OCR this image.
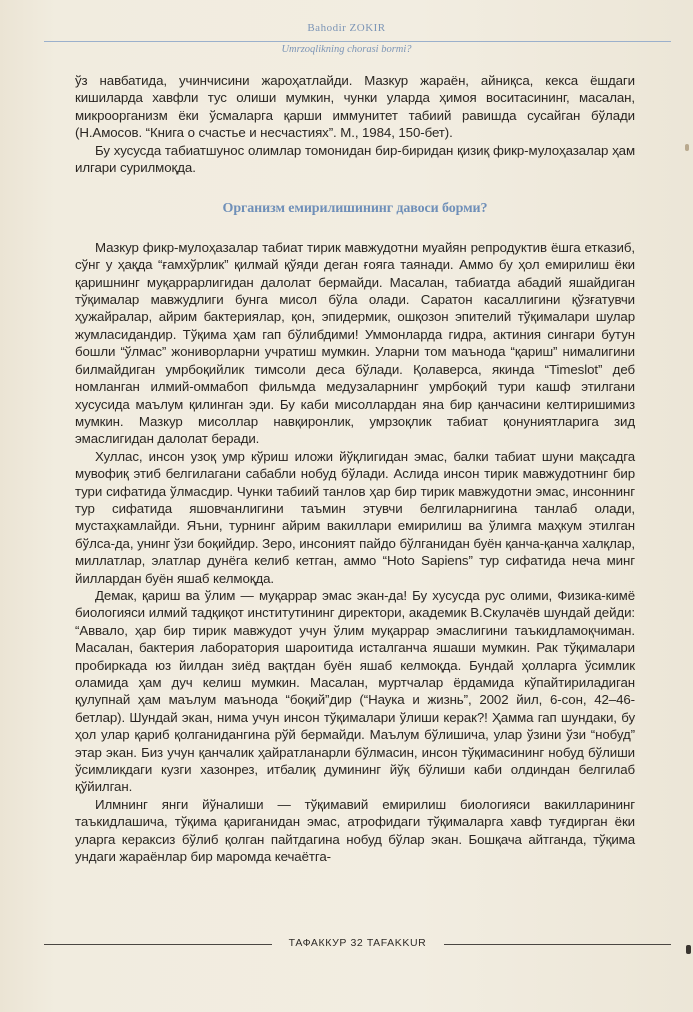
Bahodir ZOKIR
Umrzoqlikning chorasi bormi?

ўз навбатида, учинчисини жароҳатлайди. Мазкур жараён, айниқса, кекса ёшдаги кишиларда хавфли тус олиши мумкин, чунки уларда ҳимоя воситасининг, масалан, микроорганизм ёки ўсмаларга қарши иммунитет табиий равишда сусайган бўлади (Н.Амосов. “Книга о счастье и несчастиях”. М., 1984, 150-бет).

Бу хусусда табиатшунос олимлар томонидан бир-биридан қизиқ фикр-мулоҳазалар ҳам илгари сурилмоқда.

Организм емирилишининг давоси борми?

Мазкур фикр-мулоҳазалар табиат тирик мавжудотни муайян репродуктив ёшга етказиб, сўнг у ҳақда “ғамхўрлик” қилмай қўяди деган ғояга таянади. Аммо бу ҳол емирилиш ёки қаришнинг муқаррарлигидан далолат бермайди. Масалан, табиатда абадий яшайдиган тўқималар мавжудлиги бунга мисол бўла олади. Саратон касаллигини қўзғатувчи ҳужайралар, айрим бактериялар, қон, эпидермик, ошқозон эпителий тўқималари шулар жумласидандир. Тўқима ҳам гап бўлибдими! Уммонларда гидра, актиния сингари бутун бошли “ўлмас” жониворларни учратиш мумкин. Уларни том маънода “қариш” нималигини билмайдиган умрбоқийлик тимсоли деса бўлади. Қолаверса, якинда “Timeslot” деб номланган илмий-оммабоп фильмда медузаларнинг умрбоқий тури кашф этилгани хусусида маълум қилинган эди. Бу каби мисоллардан яна бир қанчасини келтиришимиз мумкин. Мазкур мисоллар навқиронлик, умрзоқлик табиат қонуниятларига зид эмаслигидан далолат беради.

Хуллас, инсон узоқ умр кўриш иложи йўқлигидан эмас, балки табиат шуни мақсадга мувофиқ этиб белгилагани сабабли нобуд бўлади. Аслида инсон тирик мавжудотнинг бир тури сифатида ўлмасдир. Чунки табиий танлов ҳар бир тирик мавжудотни эмас, инсоннинг тур сифатида яшовчанлигини таъмин этувчи белгиларнигина танлаб олади, мустаҳкамлайди. Яъни, турнинг айрим вакиллари емирилиш ва ўлимга маҳкум этилган бўлса-да, унинг ўзи боқийдир. Зеро, инсоният пайдо бўлганидан буён қанча-қанча халқлар, миллатлар, элатлар дунёга келиб кетган, аммо “Hoto Sapiens” тур сифатида неча минг йиллардан буён яшаб келмоқда.

Демак, қариш ва ўлим — муқаррар эмас экан-да! Бу хусусда рус олими, Физика-кимё биологияси илмий тадқиқот институтининг директори, академик В.Скулачёв шундай дейди: “Аввало, ҳар бир тирик мавжудот учун ўлим муқаррар эмаслигини таъкидламоқчиман. Масалан, бактерия лаборатория шароитида исталганча яшаши мумкин. Рак тўқималари пробиркада юз йилдан зиёд вақтдан буён яшаб келмоқда. Бундай ҳолларга ўсимлик оламида ҳам дуч келиш мумкин. Масалан, муртчалар ёрдамида кўпайтириладиган қулупнай ҳам маълум маънода “боқий”дир (“Наука и жизнь”, 2002 йил, 6-сон, 42–46-бетлар). Шундай экан, нима учун инсон тўқималари ўлиши керак?! Ҳамма гап шундаки, бу ҳол улар қариб қолганидангина рўй бермайди. Маълум бўлишича, улар ўзини ўзи “нобуд” этар экан. Биз учун қанчалик ҳайратланарли бўлмасин, инсон тўқимасининг нобуд бўлиши ўсимликдаги кузги хазонрез, итбалиқ думининг йўқ бўлиши каби олдиндан белгилаб қўйилган.

Илмнинг янги йўналиши — тўқимавий емирилиш биологияси вакилларининг таъкидлашича, тўқима қариганидан эмас, атрофидаги тўқималарга хавф туғдирган ёки уларга кераксиз бўлиб қолган пайтдагина нобуд бўлар экан. Бошқача айтганда, тўқима ундаги жараёнлар бир маромда кечаётга-

ТАФАККУР 32 TAFAKKUR
